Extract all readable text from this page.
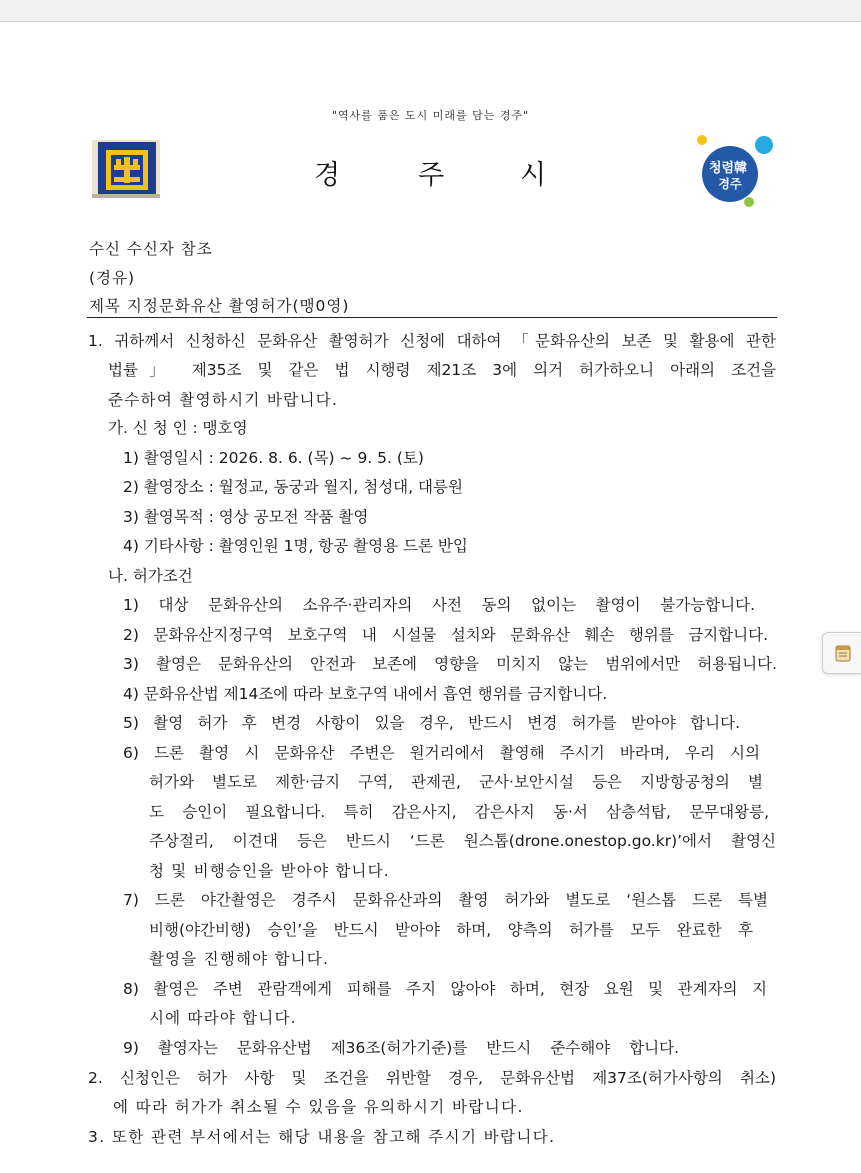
"역사를 품은 도시 미래를 담는 경주"
경	주	시	청렴韓
경주
수신 수신자 참조
(경유)
제목 지정문화유산 촬영허가(맹0영)
1. 귀하께서 신청하신 문화유산 촬영허가 신청에 대하여 「문화유산의 보존 및 활용에 관한
법률」 제35조 및 같은 법 시행령 제21조 3에 의거 허가하오니 아래의 조건을
준수하여 촬영하시기 바랍니다.
가. 신 청 인 : 맹호영
1) 촬영일시 : 2026. 8. 6. (목) ~ 9. 5. (토)
2) 촬영장소 : 월정교, 동궁과 월지, 첨성대, 대릉원
3) 촬영목적 : 영상 공모전 작품 촬영
4) 기타사항 : 촬영인원 1명, 항공 촬영용 드론 반입
나. 허가조건
1) 대상 문화유산의 소유주·관리자의 사전 동의 없이는 촬영이 불가능합니다.
2) 문화유산지정구역 보호구역 내 시설물 설치와 문화유산 훼손 행위를 금지합니다.
3) 촬영은 문화유산의 안전과 보존에 영향을 미치지 않는 범위에서만 허용됩니다.
4) 문화유산법 제14조에 따라 보호구역 내에서 흡연 행위를 금지합니다.
5) 촬영 허가 후 변경 사항이 있을 경우, 반드시 변경 허가를 받아야 합니다.
6) 드론 촬영 시 문화유산 주변은 원거리에서 촬영해 주시기 바라며, 우리 시의
허가와 별도로 제한·금지 구역, 관제권, 군사·보안시설 등은 지방항공청의 별
도 승인이 필요합니다. 특히 감은사지, 감은사지 동·서 삼층석탑, 문무대왕릉,
주상절리, 이견대 등은 반드시 ‘드론 원스톱(drone.onestop.go.kr)’에서 촬영신
청 및 비행승인을 받아야 합니다.
7) 드론 야간촬영은 경주시 문화유산과의 촬영 허가와 별도로 ‘원스톱 드론 특별
비행(야간비행) 승인’을 반드시 받아야 하며, 양측의 허가를 모두 완료한 후
촬영을 진행해야 합니다.
8) 촬영은 주변 관람객에게 피해를 주지 않아야 하며, 현장 요원 및 관계자의 지
시에 따라야 합니다.
9) 촬영자는 문화유산법 제36조(허가기준)를 반드시 준수해야 합니다.
2. 신청인은 허가 사항 및 조건을 위반할 경우, 문화유산법 제37조(허가사항의 취소)
에 따라 허가가 취소될 수 있음을 유의하시기 바랍니다.
3. 또한 관련 부서에서는 해당 내용을 참고해 주시기 바랍니다.
